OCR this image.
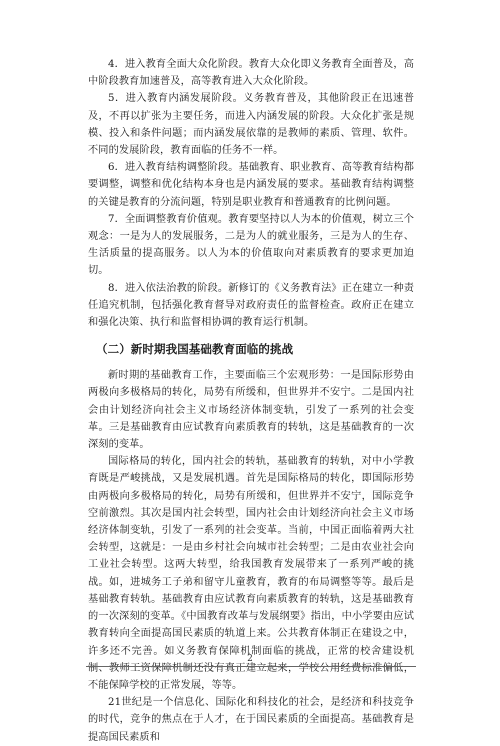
4．进入教育全面大众化阶段。教育大众化即义务教育全面普及，高中阶段教育加速普及，高等教育进入大众化阶段。

5．进入教育内涵发展阶段。义务教育普及，其他阶段正在迅速普及，不再以扩张为主要任务，而进入内涵发展的阶段。大众化扩张是规模、投入和条件问题；而内涵发展依靠的是教师的素质、管理、软件。不同的发展阶段，教育面临的任务不一样。

6．进入教育结构调整阶段。基础教育、职业教育、高等教育结构都要调整，调整和优化结构本身也是内涵发展的要求。基础教育结构调整的关键是教育的分流问题，特别是职业教育和普通教育的比例问题。

7．全面调整教育价值观。教育要坚持以人为本的价值观，树立三个观念：一是为人的发展服务，二是为人的就业服务，三是为人的生存、生活质量的提高服务。以人为本的价值取向对素质教育的要求更加迫切。

8．进入依法治教的阶段。新修订的《义务教育法》正在建立一种责任追究机制，包括强化教育督导对政府责任的监督检查。政府正在建立和强化决策、执行和监督相协调的教育运行机制。

（二）新时期我国基础教育面临的挑战

新时期的基础教育工作，主要面临三个宏观形势：一是国际形势由两极向多极格局的转化，局势有所缓和，但世界并不安宁。二是国内社会由计划经济向社会主义市场经济体制变轨，引发了一系列的社会变革。三是基础教育由应试教育向素质教育的转轨，这是基础教育的一次深刻的变革。

国际格局的转化，国内社会的转轨，基础教育的转轨，对中小学教育既是严峻挑战，又是发展机遇。首先是国际格局的转化，即国际形势由两极向多极格局的转化，局势有所缓和，但世界并不安宁，国际竞争空前激烈。其次是国内社会转型，国内社会由计划经济向社会主义市场经济体制变轨，引发了一系列的社会变革。当前，中国正面临着两大社会转型，这就是：一是由乡村社会向城市社会转型；二是由农业社会向工业社会转型。这两大转型，给我国教育发展带来了一系列严峻的挑战。如，进城务工子弟和留守儿童教育，教育的布局调整等等。最后是基础教育转轨。基础教育由应试教育向素质教育的转轨，这是基础教育的一次深刻的变革。《中国教育改革与发展纲要》指出，中小学要由应试教育转向全面提高国民素质的轨道上来。公共教育体制正在建设之中，许多还不完善。如义务教育保障机制面临的挑战，正常的校舍建设机制、教师工资保障机制还没有真正建立起来，学校公用经费标准偏低，不能保障学校的正常发展，等等。

21世纪是一个信息化、国际化和科技化的社会，是经济和科技竞争的时代，竞争的焦点在于人才，在于国民素质的全面提高。基础教育是提高国民素质和

2
